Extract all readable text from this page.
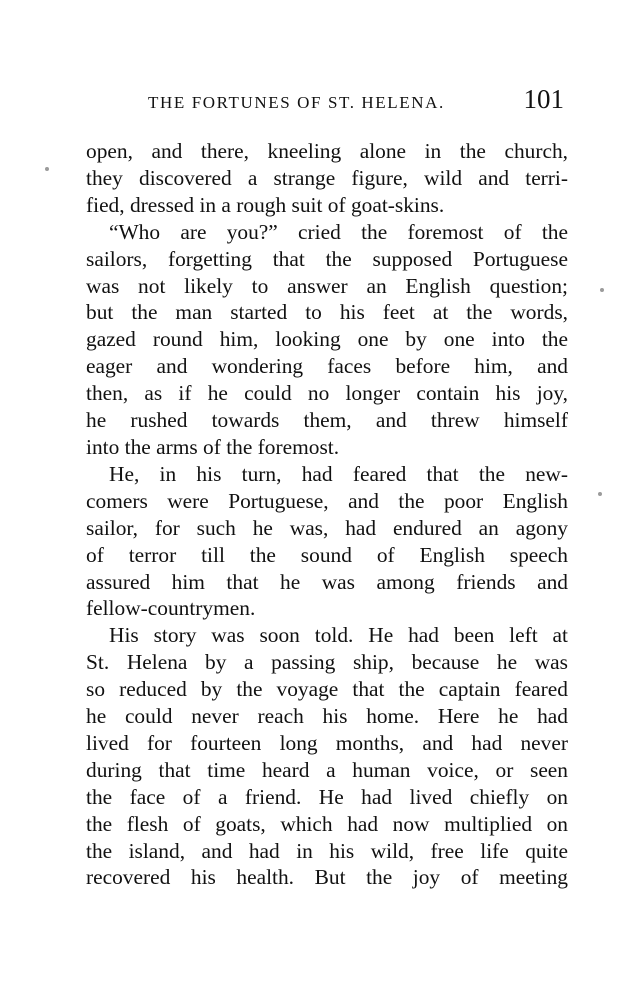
THE FORTUNES OF ST. HELENA.	101

open, and there, kneeling alone in the church,

they discovered a strange figure, wild and terri-

fied, dressed in a rough suit of goat-skins.

“Who are you?” cried the foremost of the

sailors, forgetting that the supposed Portuguese

was not likely to answer an English question;

but the man started to his feet at the words,

gazed round him, looking one by one into the

eager and wondering faces before him, and

then, as if he could no longer contain his joy,

he rushed towards them, and threw himself

into the arms of the foremost.

He, in his turn, had feared that the new-

comers were Portuguese, and the poor English

sailor, for such he was, had endured an agony

of terror till the sound of English speech

assured him that he was among friends and

fellow-countrymen.

His story was soon told. He had been left at

St. Helena by a passing ship, because he was

so reduced by the voyage that the captain feared

he could never reach his home. Here he had

lived for fourteen long months, and had never

during that time heard a human voice, or seen

the face of a friend. He had lived chiefly on

the flesh of goats, which had now multiplied on

the island, and had in his wild, free life quite

recovered his health. But the joy of meeting
